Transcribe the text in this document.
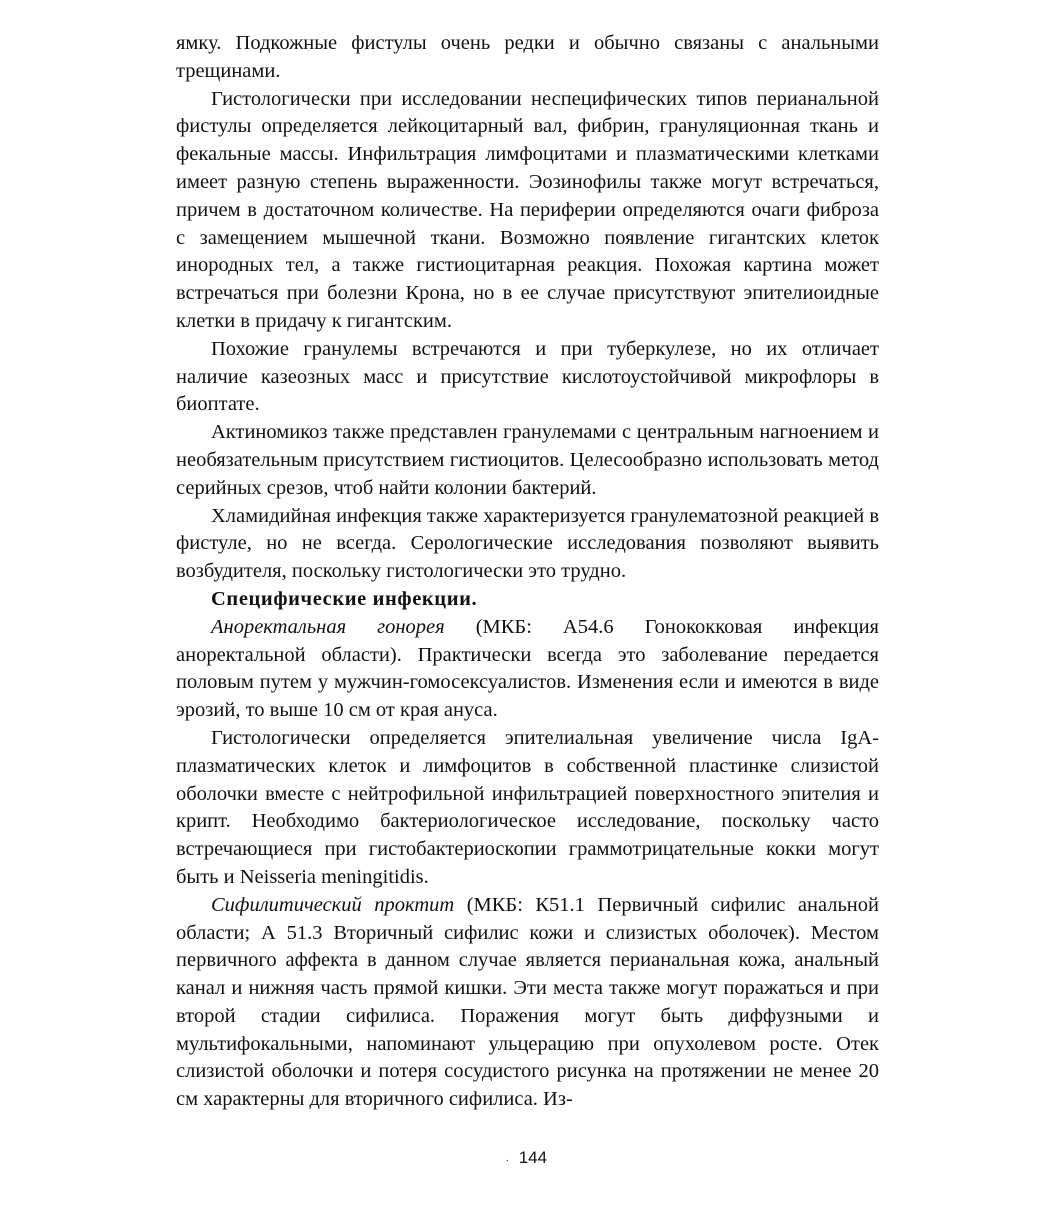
ямку. Подкожные фистулы очень редки и обычно связаны с анальными трещинами.

Гистологически при исследовании неспецифических типов перианальной фистулы определяется лейкоцитарный вал, фибрин, грануляционная ткань и фекальные массы. Инфильтрация лимфоцитами и плазматическими клетками имеет разную степень выраженности. Эозинофилы также могут встречаться, причем в достаточном количестве. На периферии определяются очаги фиброза с замещением мышечной ткани. Возможно появление гигантских клеток инородных тел, а также гистиоцитарная реакция. Похожая картина может встречаться при болезни Крона, но в ее случае присутствуют эпителиоидные клетки в придачу к гигантским.

Похожие гранулемы встречаются и при туберкулезе, но их отличает наличие казеозных масс и присутствие кислотоустойчивой микрофлоры в биоптате.

Актиномикоз также представлен гранулемами с центральным нагноением и необязательным присутствием гистиоцитов. Целесообразно использовать метод серийных срезов, чтоб найти колонии бактерий.

Хламидийная инфекция также характеризуется гранулематозной реакцией в фистуле, но не всегда. Серологические исследования позволяют выявить возбудителя, поскольку гистологически это трудно.

Специфические инфекции.

Аноректальная гонорея (МКБ: А54.6 Гонококковая инфекция аноректальной области). Практически всегда это заболевание передается половым путем у мужчин-гомосексуалистов. Изменения если и имеются в виде эрозий, то выше 10 см от края ануса.

Гистологически определяется эпителиальная увеличение числа IgA-плазматических клеток и лимфоцитов в собственной пластинке слизистой оболочки вместе с нейтрофильной инфильтрацией поверхностного эпителия и крипт. Необходимо бактериологическое исследование, поскольку часто встречающиеся при гистобактериоскопии граммотрицательные кокки могут быть и Neisseria meningitidis.

Сифилитический проктит (МКБ: К51.1 Первичный сифилис анальной области; А 51.3 Вторичный сифилис кожи и слизистых оболочек). Местом первичного аффекта в данном случае является перианальная кожа, анальный канал и нижняя часть прямой кишки. Эти места также могут поражаться и при второй стадии сифилиса. Поражения могут быть диффузными и мультифокальными, напоминают ульцерацию при опухолевом росте. Отек слизистой оболочки и потеря сосудистого рисунка на протяжении не менее 20 см характерны для вторичного сифилиса. Из-

. 144
